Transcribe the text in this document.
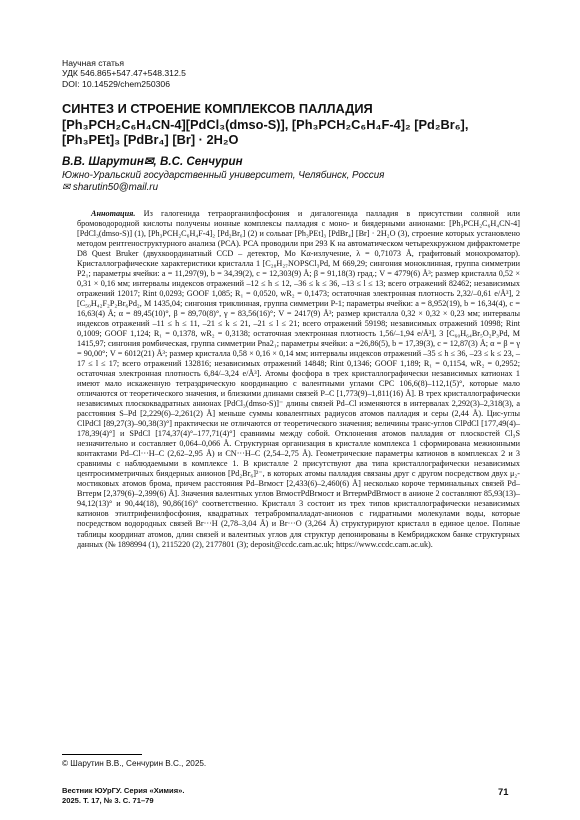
Научная статья
УДК 546.865+547.47+548.312.5
DOI: 10.14529/chem250306
СИНТЕЗ И СТРОЕНИЕ КОМПЛЕКСОВ ПАЛЛАДИЯ
[Ph₃PCH₂C₆H₄CN-4][PdCl₃(dmso-S)], [Ph₃PCH₂C₆H₄F-4]₂ [Pd₂Br₆],
[Ph₃PEt]₃ [PdBr₄] [Br] · 2H₂O
В.В. Шарутин✉, В.С. Сенчурин
Южно-Уральский государственный университет, Челябинск, Россия
✉ sharutin50@mail.ru

Аннотация. Из галогенида тетраорганилфосфония и дигалогенида палладия в присутствии соляной или бромоводородной кислоты получены ионные комплексы палладия с моно- и биядерными анионами: [Ph₃PCH₂C₆H₄CN-4][PdCl₃(dmso-S)] (1), [Ph₃PCH₂C₆H₄F-4]₂ [Pd₂Br₆] (2) и сольват [Ph₃PEt]₃ [PdBr₄] [Br] · 2H₂O (3), строение которых установлено методом рентгеноструктурного анализа (РСА). РСА проводили при 293 К на автоматическом четырехкружном дифрактометре D8 Quest Bruker (двухкоординатный CCD – детектор, Mo Kα-излучение, λ = 0,71073 Å, графитовый монохроматор). Кристаллографические характеристики кристалла 1 [C₂₈H₂₇NOPSCl₃Pd, M 669,29; сингония моноклинная, группа симметрии P2₁; параметры ячейки: a = 11,297(9), b = 34,39(2), c = 12,303(9) Å; β = 91,18(3) град.; V = 4779(6) Å³; размер кристалла 0,52 × 0,31 × 0,16 мм; интервалы индексов отражений –12 ≤ h ≤ 12, –36 ≤ k ≤ 36, –13 ≤ l ≤ 13; всего отражений 82462; независимых отражений 12017; Rint 0,0293; GOOF 1,085; R₁ = 0,0520, wR₂ = 0,1473; остаточная электронная плотность 2,32/–0,61 e/Å³], 2 [C₅₀H₄₂F₂P₂Br₆Pd₂, M 1435,04; сингония триклинная, группа симметрии P-1; параметры ячейки: a = 8,952(19), b = 16,34(4), c = 16,63(4) Å; α = 89,45(10)°, β = 89,70(8)°, γ = 83,56(16)°; V = 2417(9) Å³; размер кристалла 0,32 × 0,32 × 0,23 мм; интервалы индексов отражений –11 ≤ h ≤ 11, –21 ≤ k ≤ 21, –21 ≤ l ≤ 21; всего отражений 59198; независимых отражений 10998; Rint 0,1009; GOOF 1,124; R₁ = 0,1378, wR₂ = 0,3138; остаточная электронная плотность 1,56/–1,94 e/Å³], 3 [C₆₀H₆₄Br₅O₂P₃Pd, M 1415,97; сингония ромбическая, группа симметрии Pna2₁; параметры ячейки: a =26,86(5), b = 17,39(3), c = 12,87(3) Å; α = β = γ = 90,00°; V = 6012(21) Å³; размер кристалла 0,58 × 0,16 × 0,14 мм; интервалы индексов отражений –35 ≤ h ≤ 36, –23 ≤ k ≤ 23, –17 ≤ l ≤ 17; всего отражений 132816; независимых отражений 14848; Rint 0,1346; GOOF 1,189; R₁ = 0,1154, wR₂ = 0,2952; остаточная электронная плотность 6,84/–3,24 e/Å³]. Атомы фосфора в трех кристаллографически независимых катионах 1 имеют мало искаженную тетраэдрическую координацию с валентными углами CPC 106,6(8)–112,1(5)°, которые мало отличаются от теоретического значения, и близкими длинами связей P–C [1,773(9)–1,811(16) Å]. В трех кристаллографически независимых плоскоквадратных анионах [PdCl₃(dmso-S)]⁻ длины связей Pd–Cl изменяются в интервалах 2,292(3)–2,318(3), а расстояния S–Pd [2,229(6)–2,261(2) Å] меньше суммы ковалентных радиусов атомов палладия и серы (2,44 Å). Цис-углы ClPdCl [89,27(3)–90,38(3)°] практически не отличаются от теоретического значения; величины транс-углов ClPdCl [177,49(4)–178,39(4)°] и SPdCl [174,37(4)°–177,71(4)°] сравнимы между собой. Отклонения атомов палладия от плоскостей Cl₃S незначительно и составляет 0,064–0,066 Å. Структурная организация в кристалле комплекса 1 сформирована межионными контактами Pd–Cl···H–C (2,62–2,95 Å) и CN···H–C (2,54–2,75 Å). Геометрические параметры катионов в комплексах 2 и 3 сравнимы с наблюдаемыми в комплексе 1. В кристалле 2 присутствуют два типа кристаллографически независимых центросимметричных биядерных анионов [Pd₂Br₆]²⁻, в которых атомы палладия связаны друг с другом посредством двух μ₂-мостиковых атомов брома, причем расстояния Pd–Brмост [2,433(6)–2,460(6) Å] несколько короче терминальных связей Pd–Brтерм [2,379(6)–2,399(6) Å]. Значения валентных углов BrмостPdBrмост и BrтермPdBrмост в анионе 2 составляют 85,93(13)–94,12(13)° и 90,44(18), 90,86(16)° соответственно. Кристалл 3 состоит из трех типов кристаллографически независимых катионов этилтрифенилфосфония, квадратных тетрабромпалладат-анионов с гидратными молекулами воды, которые посредством водородных связей Br···H (2,78–3,04 Å) и Br···O (3,264 Å) структурируют кристалл в единое целое. Полные таблицы координат атомов, длин связей и валентных углов для структур депонированы в Кембриджском банке структурных данных (№ 1898994 (1), 2115220 (2), 2177801 (3); deposit@ccdc.cam.ac.uk; https://www.ccdc.cam.ac.uk).

© Шарутин В.В., Сенчурин В.С., 2025.
Вестник ЮУрГУ. Серия «Химия».
2025. Т. 17, № 3. С. 71–79
71
